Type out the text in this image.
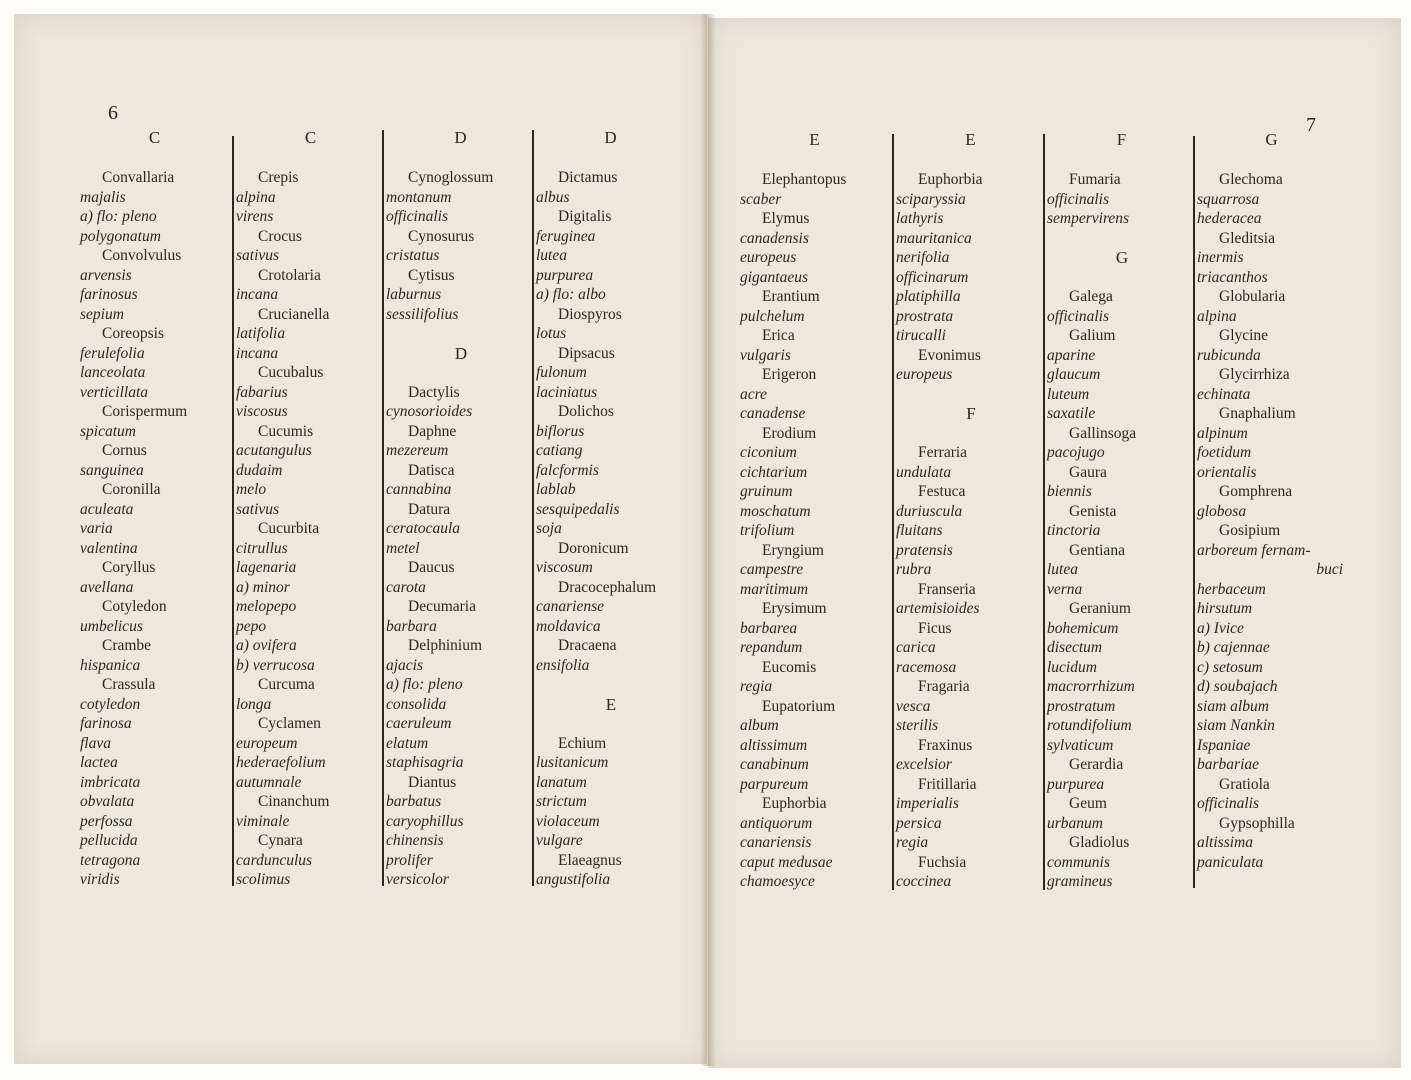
6
7
C
Convallaria
majalis
a) flo: pleno
polygonatum
Convolvulus
arvensis
farinosus
sepium
Coreopsis
ferulefolia
lanceolata
verticillata
Corispermum
spicatum
Cornus
sanguinea
Coronilla
aculeata
varia
valentina
Coryllus
avellana
Cotyledon
umbelicus
Crambe
hispanica
Crassula
cotyledon
farinosa
flava
lactea
imbricata
obvalata
perfossa
pellucida
tetragona
viridis
C
Crepis
alpina
virens
Crocus
sativus
Crotolaria
incana
Crucianella
latifolia
incana
Cucubalus
fabarius
viscosus
Cucumis
acutangulus
dudaim
melo
sativus
Cucurbita
citrullus
lagenaria
a) minor
melopepo
pepo
a) ovifera
b) verrucosa
Curcuma
longa
Cyclamen
europeum
hederaefolium
autumnale
Cinanchum
viminale
Cynara
cardunculus
scolimus
D
Cynoglossum
montanum
officinalis
Cynosurus
cristatus
Cytisus
laburnus
sessilifolius
D
Dactylis
cynosorioides
Daphne
mezereum
Datisca
cannabina
Datura
ceratocaula
metel
Daucus
carota
Decumaria
barbara
Delphinium
ajacis
a) flo: pleno
consolida
caeruleum
elatum
staphisagria
Diantus
barbatus
caryophillus
chinensis
prolifer
versicolor
D
Dictamus
albus
Digitalis
feruginea
lutea
purpurea
a) flo: albo
Diospyros
lotus
Dipsacus
fulonum
laciniatus
Dolichos
biflorus
catiang
falcformis
lablab
sesquipedalis
soja
Doronicum
viscosum
Dracocephalum
canariense
moldavica
Dracaena
ensifolia
E
Echium
lusitanicum
lanatum
strictum
violaceum
vulgare
Elaeagnus
angustifolia
E
Elephantopus
scaber
Elymus
canadensis
europeus
gigantaeus
Erantium
pulchelum
Erica
vulgaris
Erigeron
acre
canadense
Erodium
ciconium
cichtarium
gruinum
moschatum
trifolium
Eryngium
campestre
maritimum
Erysimum
barbarea
repandum
Eucomis
regia
Eupatorium
album
altissimum
canabinum
parpureum
Euphorbia
antiquorum
canariensis
caput medusae
chamoesyce
E
Euphorbia
sciparyssia
lathyris
mauritanica
nerifolia
officinarum
platiphilla
prostrata
tirucalli
Evonimus
europeus
F
Ferraria
undulata
Festuca
duriuscula
fluitans
pratensis
rubra
Franseria
artemisioides
Ficus
carica
racemosa
Fragaria
vesca
sterilis
Fraxinus
excelsior
Fritillaria
imperialis
persica
regia
Fuchsia
coccinea
F
Fumaria
officinalis
sempervirens
G
Galega
officinalis
Galium
aparine
glaucum
luteum
saxatile
Gallinsoga
pacojugo
Gaura
biennis
Genista
tinctoria
Gentiana
lutea
verna
Geranium
bohemicum
disectum
lucidum
macrorrhizum
prostratum
rotundifolium
sylvaticum
Gerardia
purpurea
Geum
urbanum
Gladiolus
communis
gramineus
G
Glechoma
squarrosa
hederacea
Gleditsia
inermis
triacanthos
Globularia
alpina
Glycine
rubicunda
Glycirrhiza
echinata
Gnaphalium
alpinum
foetidum
orientalis
Gomphrena
globosa
Gosipium
arboreum fernam-
buci
herbaceum
hirsutum
a) Ivice
b) cajennae
c) setosum
d) soubajach
siam album
siam Nankin
Ispaniae
barbariae
Gratiola
officinalis
Gypsophilla
altissima
paniculata
